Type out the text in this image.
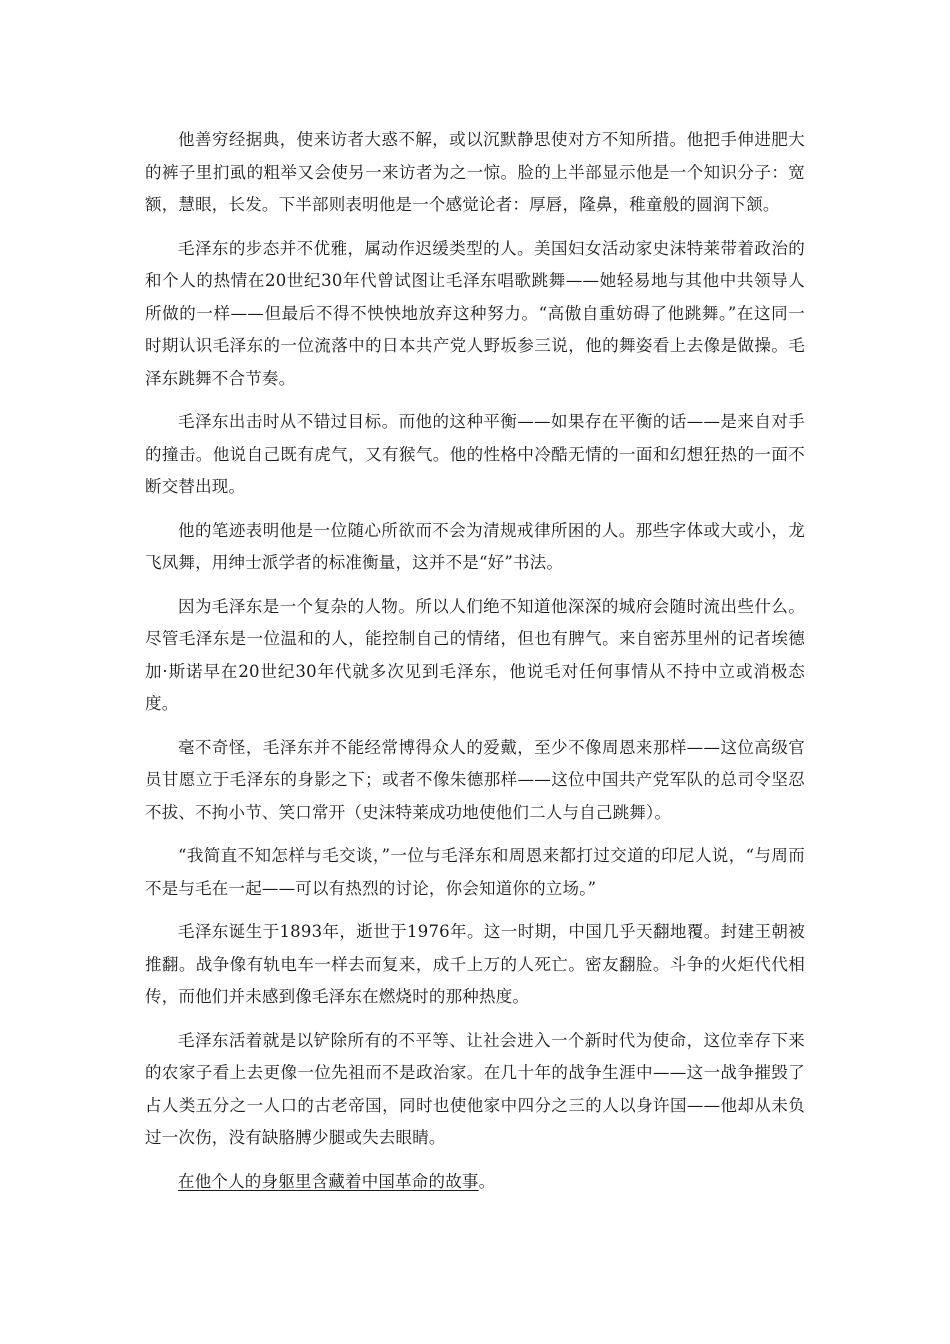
他善穷经据典，使来访者大惑不解，或以沉默静思使对方不知所措。他把手伸进肥大的裤子里扪虱的粗举又会使另一来访者为之一惊。脸的上半部显示他是一个知识分子：宽额，慧眼，长发。下半部则表明他是一个感觉论者：厚唇，隆鼻，稚童般的圆润下颔。

毛泽东的步态并不优雅，属动作迟缓类型的人。美国妇女活动家史沫特莱带着政治的和个人的热情在20世纪30年代曾试图让毛泽东唱歌跳舞——她轻易地与其他中共领导人所做的一样——但最后不得不怏怏地放弃这种努力。“高傲自重妨碍了他跳舞。”在这同一时期认识毛泽东的一位流落中的日本共产党人野坂参三说，他的舞姿看上去像是做操。毛泽东跳舞不合节奏。

毛泽东出击时从不错过目标。而他的这种平衡——如果存在平衡的话——是来自对手的撞击。他说自己既有虎气，又有猴气。他的性格中冷酷无情的一面和幻想狂热的一面不断交替出现。

他的笔迹表明他是一位随心所欲而不会为清规戒律所困的人。那些字体或大或小，龙飞凤舞，用绅士派学者的标准衡量，这并不是“好”书法。

因为毛泽东是一个复杂的人物。所以人们绝不知道他深深的城府会随时流出些什么。尽管毛泽东是一位温和的人，能控制自己的情绪，但也有脾气。来自密苏里州的记者埃德加·斯诺早在20世纪30年代就多次见到毛泽东，他说毛对任何事情从不持中立或消极态度。

毫不奇怪，毛泽东并不能经常博得众人的爱戴，至少不像周恩来那样——这位高级官员甘愿立于毛泽东的身影之下；或者不像朱德那样——这位中国共产党军队的总司令坚忍不拔、不拘小节、笑口常开（史沫特莱成功地使他们二人与自己跳舞）。

“我简直不知怎样与毛交谈，”一位与毛泽东和周恩来都打过交道的印尼人说，“与周而不是与毛在一起——可以有热烈的讨论，你会知道你的立场。”

毛泽东诞生于1893年，逝世于1976年。这一时期，中国几乎天翻地覆。封建王朝被推翻。战争像有轨电车一样去而复来，成千上万的人死亡。密友翻脸。斗争的火炬代代相传，而他们并未感到像毛泽东在燃烧时的那种热度。

毛泽东活着就是以铲除所有的不平等、让社会进入一个新时代为使命，这位幸存下来的农家子看上去更像一位先祖而不是政治家。在几十年的战争生涯中——这一战争摧毁了占人类五分之一人口的古老帝国，同时也使他家中四分之三的人以身许国——他却从未负过一次伤，没有缺胳膊少腿或失去眼睛。

在他个人的身躯里含藏着中国革命的故事。
